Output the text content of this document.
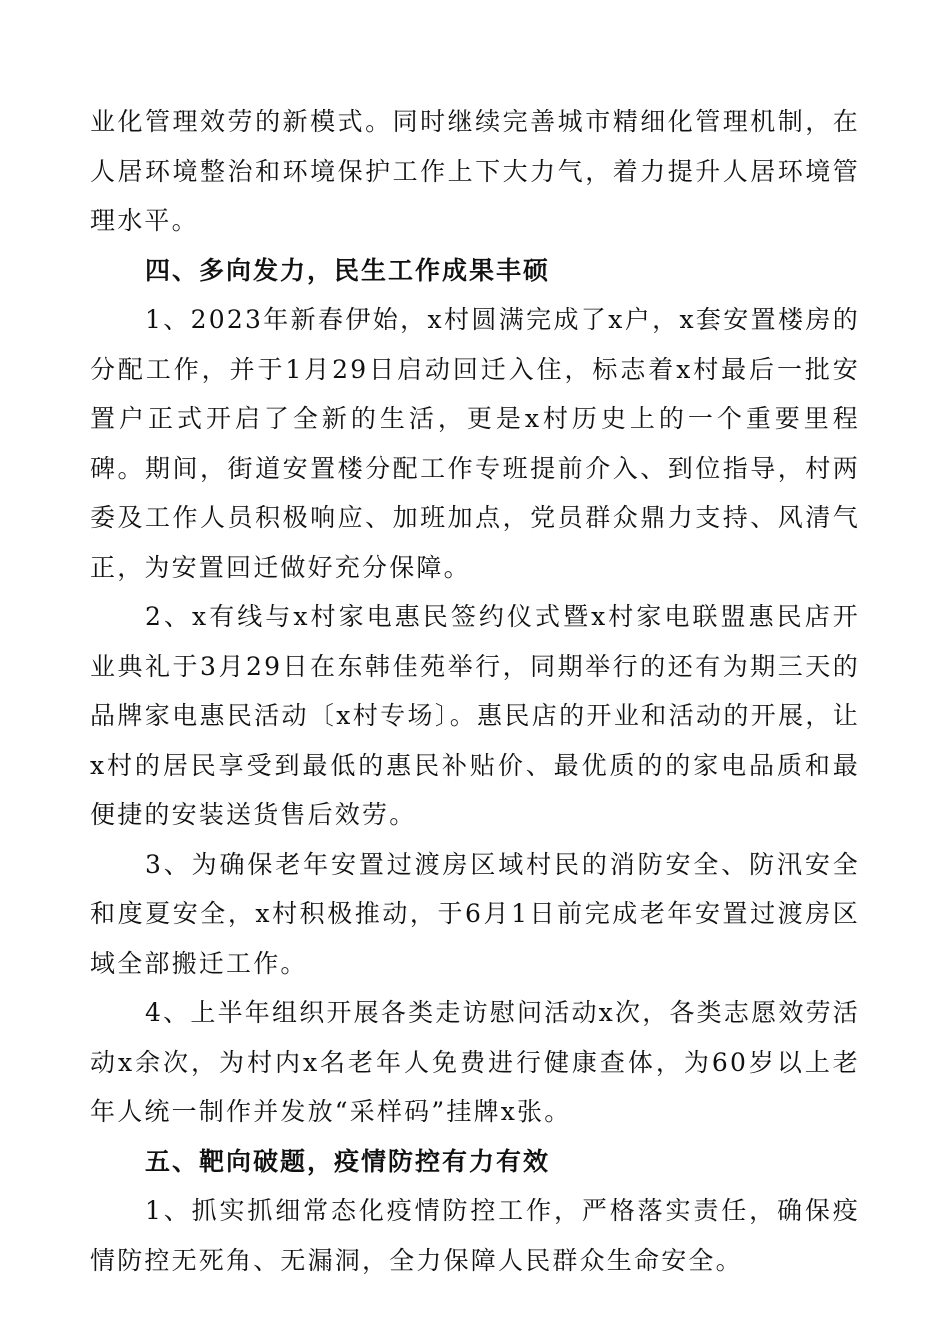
业化管理效劳的新模式。同时继续完善城市精细化管理机制，在人居环境整治和环境保护工作上下大力气，着力提升人居环境管理水平。

四、多向发力，民生工作成果丰硕

1、2023年新春伊始，x村圆满完成了x户，x套安置楼房的分配工作，并于1月29日启动回迁入住，标志着x村最后一批安置户正式开启了全新的生活，更是x村历史上的一个重要里程碑。期间，街道安置楼分配工作专班提前介入、到位指导，村两委及工作人员积极响应、加班加点，党员群众鼎力支持、风清气正，为安置回迁做好充分保障。

2、x有线与x村家电惠民签约仪式暨x村家电联盟惠民店开业典礼于3月29日在东韩佳苑举行，同期举行的还有为期三天的品牌家电惠民活动〔x村专场〕。惠民店的开业和活动的开展，让x村的居民享受到最低的惠民补贴价、最优质的的家电品质和最便捷的安装送货售后效劳。

3、为确保老年安置过渡房区域村民的消防安全、防汛安全和度夏安全，x村积极推动，于6月1日前完成老年安置过渡房区域全部搬迁工作。

4、上半年组织开展各类走访慰问活动x次，各类志愿效劳活动x余次，为村内x名老年人免费进行健康查体，为60岁以上老年人统一制作并发放“采样码”挂牌x张。

五、靶向破题，疫情防控有力有效

1、抓实抓细常态化疫情防控工作，严格落实责任，确保疫情防控无死角、无漏洞，全力保障人民群众生命安全。
